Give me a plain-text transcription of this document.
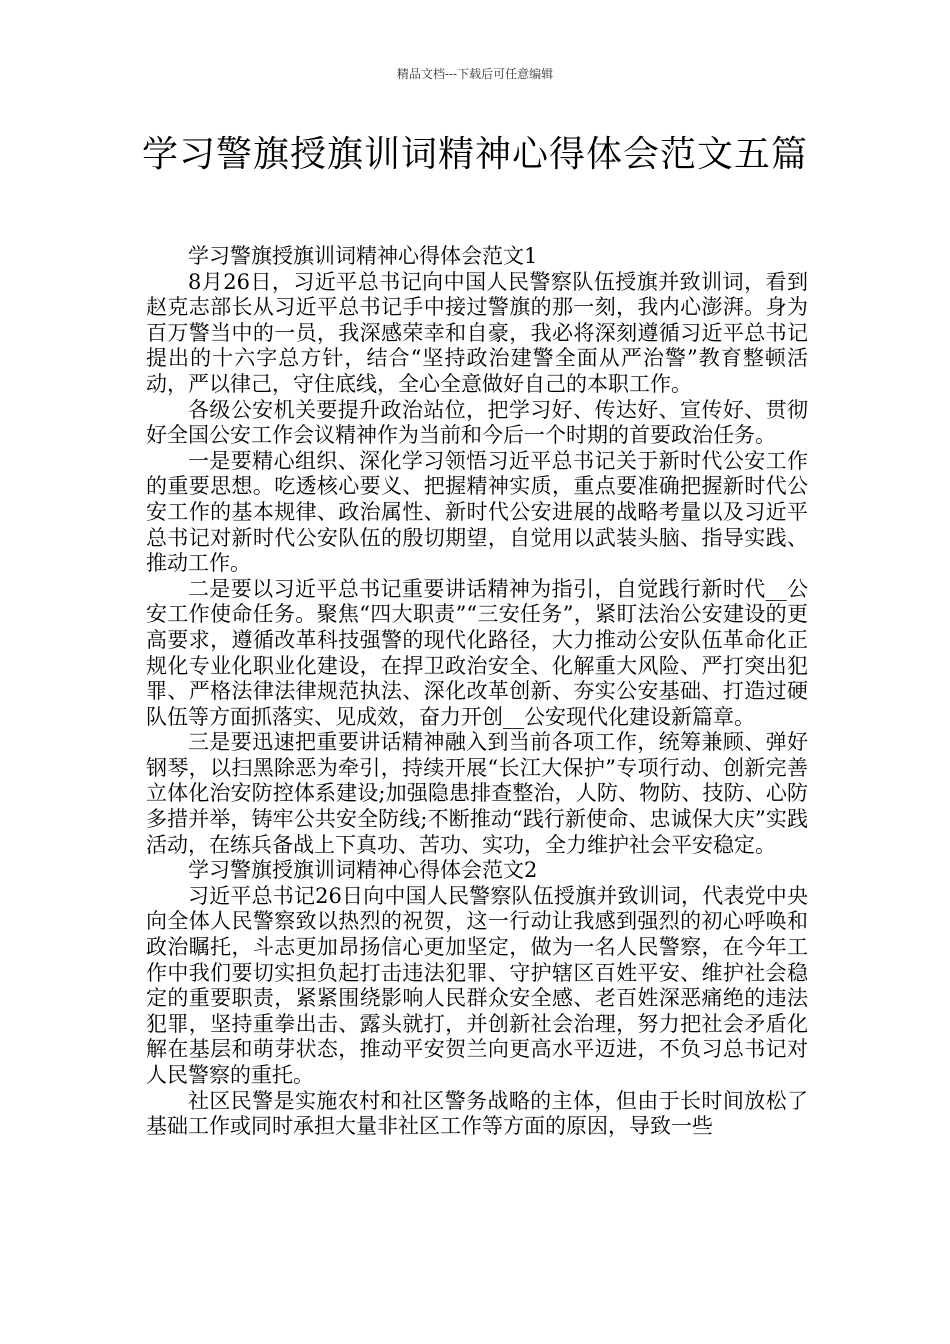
精品文档---下载后可任意编辑
学习警旗授旗训词精神心得体会范文五篇

学习警旗授旗训词精神心得体会范文1

8月26日，习近平总书记向中国人民警察队伍授旗并致训词，看到赵克志部长从习近平总书记手中接过警旗的那一刻，我内心澎湃。身为百万警当中的一员，我深感荣幸和自豪，我必将深刻遵循习近平总书记提出的十六字总方针，结合“坚持政治建警全面从严治警”教育整顿活动，严以律己，守住底线，全心全意做好自己的本职工作。

各级公安机关要提升政治站位，把学习好、传达好、宣传好、贯彻好全国公安工作会议精神作为当前和今后一个时期的首要政治任务。

一是要精心组织、深化学习领悟习近平总书记关于新时代公安工作的重要思想。吃透核心要义、把握精神实质，重点要准确把握新时代公安工作的基本规律、政治属性、新时代公安进展的战略考量以及习近平总书记对新时代公安队伍的殷切期望，自觉用以武装头脑、指导实践、推动工作。

二是要以习近平总书记重要讲话精神为指引，自觉践行新时代__公安工作使命任务。聚焦“四大职责”“三安任务”，紧盯法治公安建设的更高要求，遵循改革科技强警的现代化路径，大力推动公安队伍革命化正规化专业化职业化建设，在捍卫政治安全、化解重大风险、严打突出犯罪、严格法律法律规范执法、深化改革创新、夯实公安基础、打造过硬队伍等方面抓落实、见成效，奋力开创__公安现代化建设新篇章。

三是要迅速把重要讲话精神融入到当前各项工作，统筹兼顾、弹好钢琴，以扫黑除恶为牵引，持续开展“长江大保护”专项行动、创新完善立体化治安防控体系建设;加强隐患排查整治，人防、物防、技防、心防多措并举，铸牢公共安全防线;不断推动“践行新使命、忠诚保大庆”实践活动，在练兵备战上下真功、苦功、实功，全力维护社会平安稳定。

学习警旗授旗训词精神心得体会范文2

习近平总书记26日向中国人民警察队伍授旗并致训词，代表党中央向全体人民警察致以热烈的祝贺，这一行动让我感到强烈的初心呼唤和政治瞩托，斗志更加昂扬信心更加坚定，做为一名人民警察，在今年工作中我们要切实担负起打击违法犯罪、守护辖区百姓平安、维护社会稳定的重要职责，紧紧围绕影响人民群众安全感、老百姓深恶痛绝的违法犯罪，坚持重拳出击、露头就打，并创新社会治理，努力把社会矛盾化解在基层和萌芽状态，推动平安贺兰向更高水平迈进，不负习总书记对人民警察的重托。

社区民警是实施农村和社区警务战略的主体，但由于长时间放松了基础工作或同时承担大量非社区工作等方面的原因，导致一些
